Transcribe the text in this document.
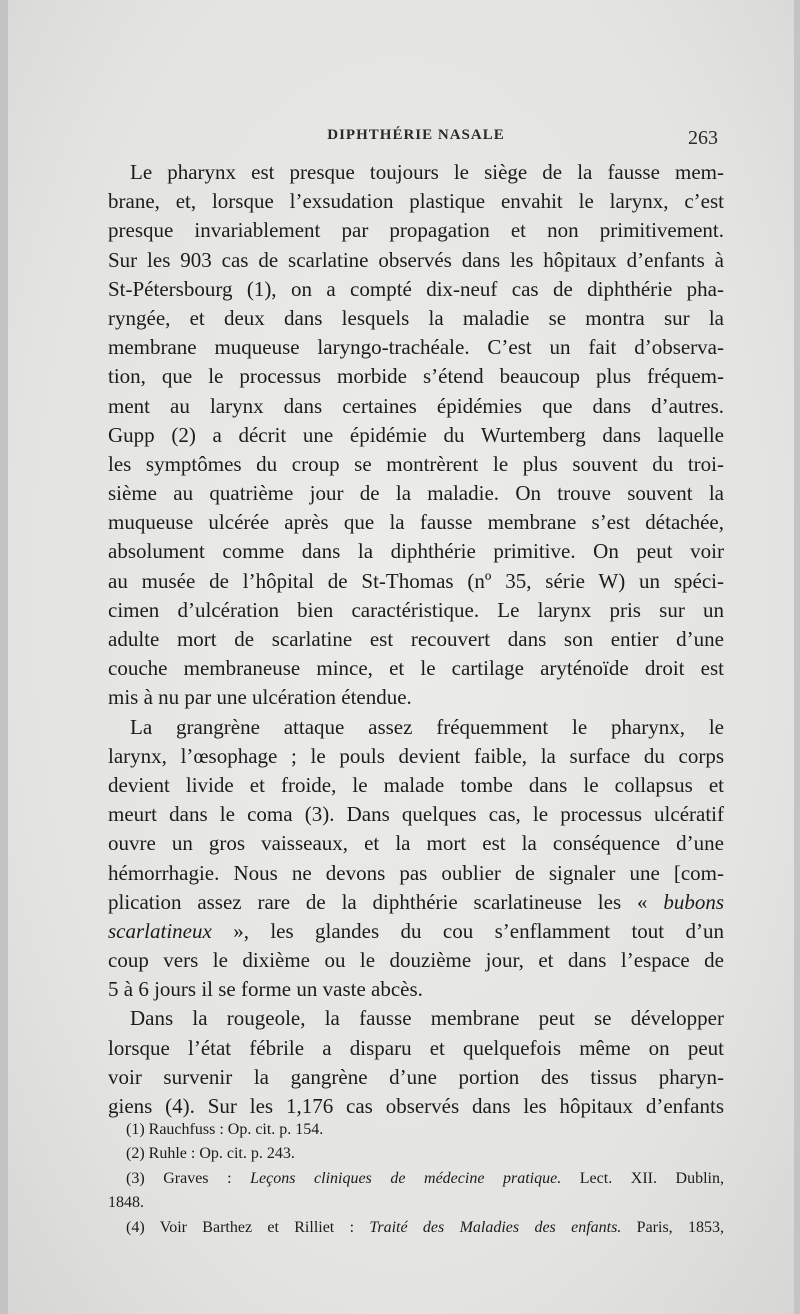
DIPHTHÉRIE NASALE	263
Le pharynx est presque toujours le siège de la fausse mem-
brane, et, lorsque l’exsudation plastique envahit le larynx, c’est
presque invariablement par propagation et non primitivement.
Sur les 903 cas de scarlatine observés dans les hôpitaux d’enfants à
St-Pétersbourg (1), on a compté dix-neuf cas de diphthérie pha-
ryngée, et deux dans lesquels la maladie se montra sur la
membrane muqueuse laryngo-trachéale. C’est un fait d’observa-
tion, que le processus morbide s’étend beaucoup plus fréquem-
ment au larynx dans certaines épidémies que dans d’autres.
Gupp (2) a décrit une épidémie du Wurtemberg dans laquelle
les symptômes du croup se montrèrent le plus souvent du troi-
sième au quatrième jour de la maladie. On trouve souvent la
muqueuse ulcérée après que la fausse membrane s’est détachée,
absolument comme dans la diphthérie primitive. On peut voir
au musée de l’hôpital de St-Thomas (nº 35, série W) un spéci-
cimen d’ulcération bien caractéristique. Le larynx pris sur un
adulte mort de scarlatine est recouvert dans son entier d’une
couche membraneuse mince, et le cartilage aryténoïde droit est
mis à nu par une ulcération étendue.
La grangrène attaque assez fréquemment le pharynx, le
larynx, l’œsophage ; le pouls devient faible, la surface du corps
devient livide et froide, le malade tombe dans le collapsus et
meurt dans le coma (3). Dans quelques cas, le processus ulcératif
ouvre un gros vaisseaux, et la mort est la conséquence d’une
hémorrhagie. Nous ne devons pas oublier de signaler une [com-
plication assez rare de la diphthérie scarlatineuse les « bubons
scarlatineux », les glandes du cou s’enflamment tout d’un
coup vers le dixième ou le douzième jour, et dans l’espace de
5 à 6 jours il se forme un vaste abcès.
Dans la rougeole, la fausse membrane peut se développer
lorsque l’état fébrile a disparu et quelquefois même on peut
voir survenir la gangrène d’une portion des tissus pharyn-
giens (4). Sur les 1,176 cas observés dans les hôpitaux d’enfants
(1) Rauchfuss : Op. cit. p. 154.
(2) Ruhle : Op. cit. p. 243.
(3) Graves : Leçons cliniques de médecine pratique. Lect. XII. Dublin,
1848.
(4) Voir Barthez et Rilliet : Traité des Maladies des enfants. Paris, 1853,
